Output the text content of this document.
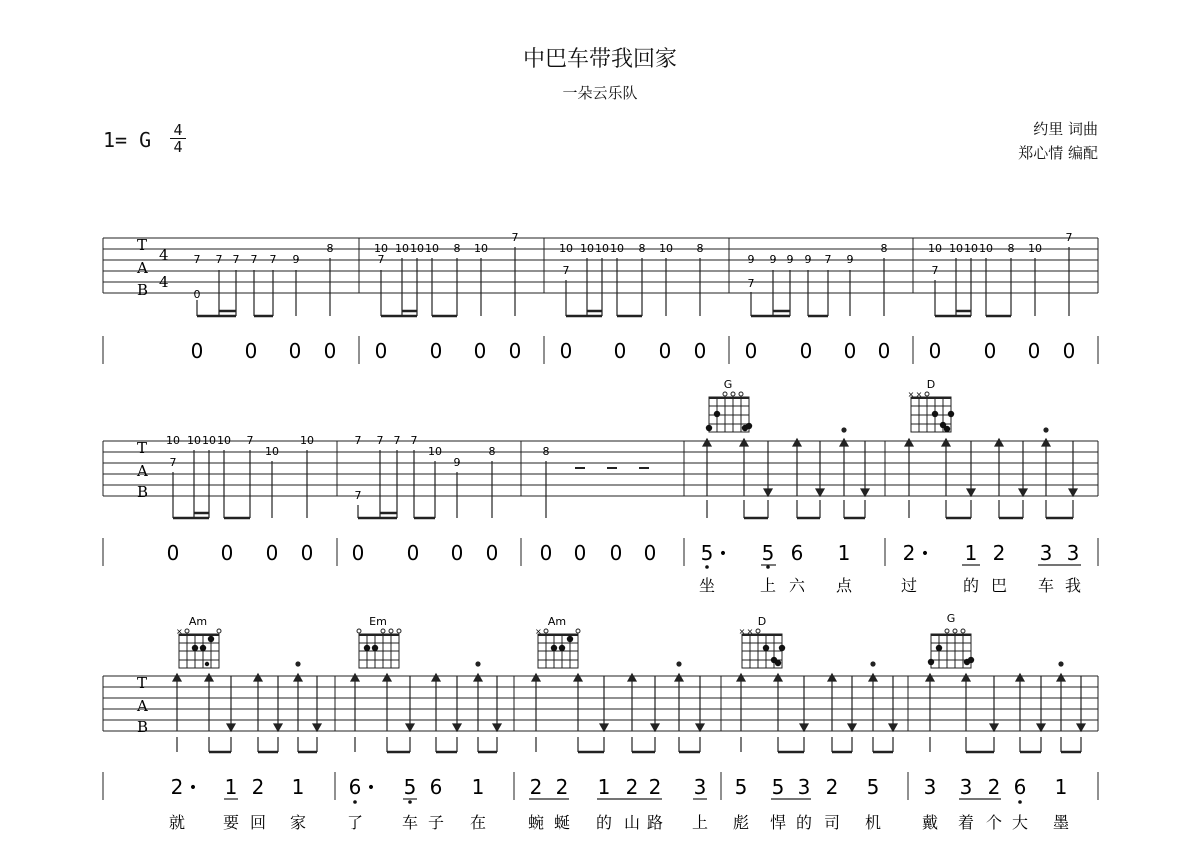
中巴车带我回家
一朵云乐队
1= G 4
4
约里 词曲
郑心情 编配
T
A
B
4
4
7 7 7 7 7 9
0
8	10 10 10 10 8 10
7
7
10 10 10 10 8 10
7
8
9 9 9 9 7 9
7
8	10 10 10 10 8 10
7
7
0 0 0 0 0 0 0 0 0 0 0 0 0 0 0 0 0 0 0 0
G	D
× ×
T
A
B
10 10 10 10 7
10
7
10	7 7 7 7
10
9
8
7
8
0 0 0 0 0 0 0 0 0 0 0 0 5 • 5 6 1	2 • 1 2 3 3
坐	上 六 点	过	的 巴 车 我
Am
×
Em	Am
×
D
× ×
G
T
A
B
2 • 1 2 1 6 • 5 6 1 2 2 1 2 2 3 5 5 3 2 5 3 3 2 6 1
就 要 回 家	了 车 子 在	蜿 蜒 的 山 路 上 彪 悍 的 司 机	戴 着 个 大 墨
